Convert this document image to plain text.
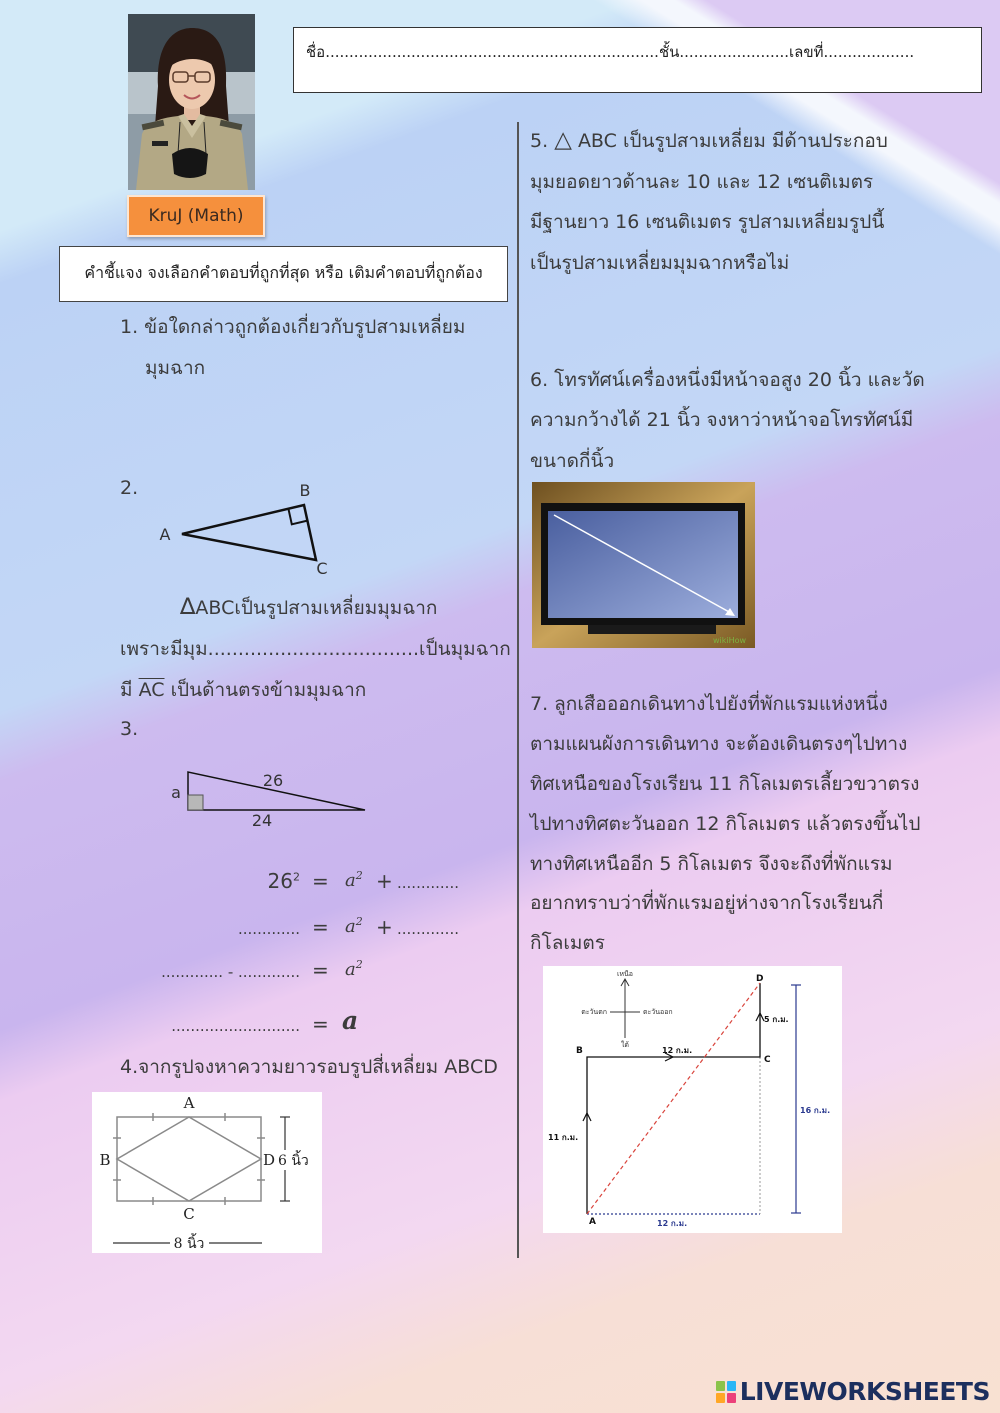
KruJ (Math)
ชื่อ......................................................................ชั้น.......................เลขที่...................
คำชี้แจง จงเลือกคำตอบที่ถูกที่สุด หรือ เติมคำตอบที่ถูกต้อง
1. ข้อใดกล่าวถูกต้องเกี่ยวกับรูปสามเหลี่ยม
มุมฉาก
2.
A
B
C
∆ABCเป็นรูปสามเหลี่ยมมุมฉาก
เพราะมีมุม...................................เป็นมุมฉาก
มี $\overline{AC}$ เป็นด้านตรงข้ามมุมฉาก
3.
a
26
24
$26^2 = a^2$ + .............
............. = $a^2$ + .............
............. - ............. = $a^2$
........................... = a
4.จากรูปจงหาความยาวรอบรูปสี่เหลี่ยม ABCD
A
B
C
D 6 นิ้ว
8 นิ้ว
5. △ ABC เป็นรูปสามเหลี่ยม มีด้านประกอบ
มุมยอดยาวด้านละ 10 และ 12 เซนติเมตร
มีฐานยาว 16 เซนติเมตร รูปสามเหลี่ยมรูปนี้
เป็นรูปสามเหลี่ยมมุมฉากหรือไม่
6. โทรทัศน์เครื่องหนึ่งมีหน้าจอสูง 20 นิ้ว และวัด
ความกว้างได้ 21 นิ้ว จงหาว่าหน้าจอโทรทัศน์มี
ขนาดกี่นิ้ว
wikiHow
7. ลูกเสือออกเดินทางไปยังที่พักแรมแห่งหนึ่ง
ตามแผนผังการเดินทาง จะต้องเดินตรงๆไปทาง
ทิศเหนือของโรงเรียน 11 กิโลเมตรเลี้ยวขวาตรง
ไปทางทิศตะวันออก 12 กิโลเมตร แล้วตรงขึ้นไป
ทางทิศเหนืออีก 5 กิโลเมตร จึงจะถึงที่พักแรม
อยากทราบว่าที่พักแรมอยู่ห่างจากโรงเรียนกี่
กิโลเมตร
เหนือ
ตะวันตก	ตะวันออก
ใต้
A
B
C
D
11 ก.ม.
12 ก.ม.
5 ก.ม.
12 ก.ม.
16 ก.ม.
LIVEWORKSHEETS
